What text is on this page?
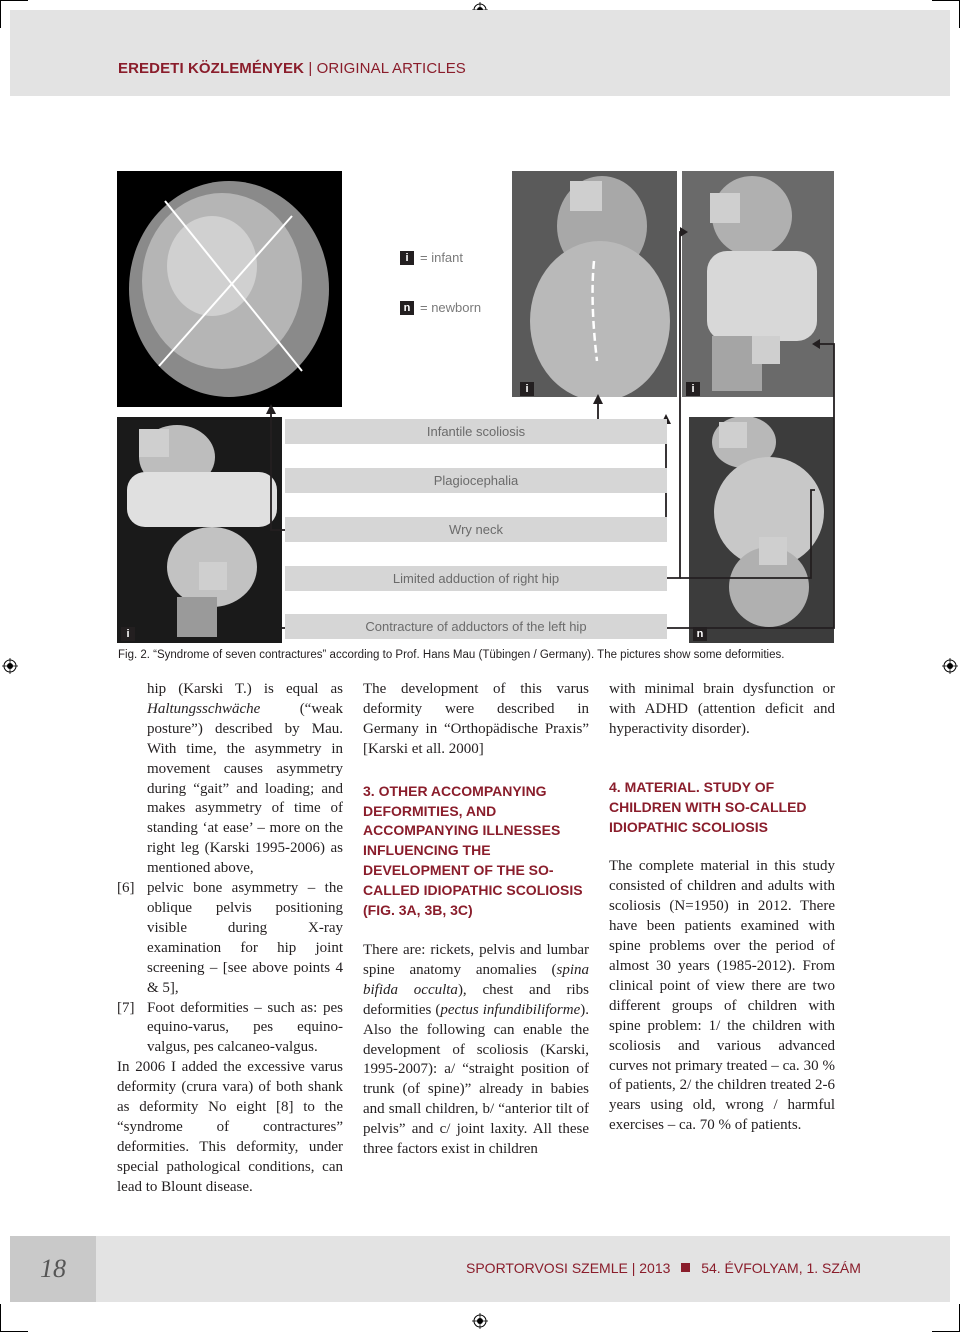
EREDETI KÖZLEMÉNYEK | ORIGINAL ARTICLES
i = infant
n = newborn
i	i
i	n
Infantile scoliosis
Plagiocephalia
Wry neck
Limited adduction of right hip
Contracture of adductors of the left hip
Fig. 2. “Syndrome of seven contractures” according to Prof. Hans Mau (Tübingen / Germany). The pictures show some deformities.

hip (Karski T.) is equal as Haltungsschwäche (“weak posture”) described by Mau. With time, the asymmetry in movement causes asymmetry during “gait” and loading; and makes asymmetry of time of standing ‘at ease’ – more on the right leg (Karski 1995-2006) as mentioned above,

[6] pelvic bone asymmetry – the oblique pelvis positioning visible during X-ray examination for hip joint screening – [see above points 4 & 5],

[7] Foot deformities – such as: pes equino-varus, pes equino-valgus, pes calcaneo-valgus.

In 2006 I added the excessive varus deformity (crura vara) of both shank as deformity No eight [8] to the “syndrome of contractures” deformities. This deformity, under special pathological conditions, can lead to Blount disease.

The development of this varus deformity were described in Germany in “Orthopädische Praxis” [Karski et all. 2000]

3. OTHER ACCOMPANYING DEFORMITIES, AND ACCOMPANYING ILLNESSES INFLUENCING THE DEVELOPMENT OF THE SO-CALLED IDIOPATHIC SCOLIOSIS (FIG. 3A, 3B, 3C)

There are: rickets, pelvis and lumbar spine anatomy anomalies (spina bifida occulta), chest and ribs deformities (pectus infundibiliforme). Also the following can enable the development of scoliosis (Karski, 1995-2007): a/ “straight position of trunk (of spine)” already in babies and small children, b/ “anterior tilt of pelvis” and c/ joint laxity. All these three factors exist in children

with minimal brain dysfunction or with ADHD (attention deficit and hyperactivity disorder).

4. MATERIAL. STUDY OF CHILDREN WITH SO-CALLED IDIOPATHIC SCOLIOSIS

The complete material in this study consisted of children and adults with scoliosis (N=1950) in 2012. There have been patients examined with spine problems over the period of almost 30 years (1985-2012). From clinical point of view there are two different groups of children with spine problem: 1/ the children with scoliosis and various advanced curves not primary treated – ca. 30 % of patients, 2/ the children treated 2-6 years using old, wrong / harmful exercises – ca. 70 % of patients.

18	SPORTORVOSI SZEMLE | 2013 54. ÉVFOLYAM, 1. SZÁM
